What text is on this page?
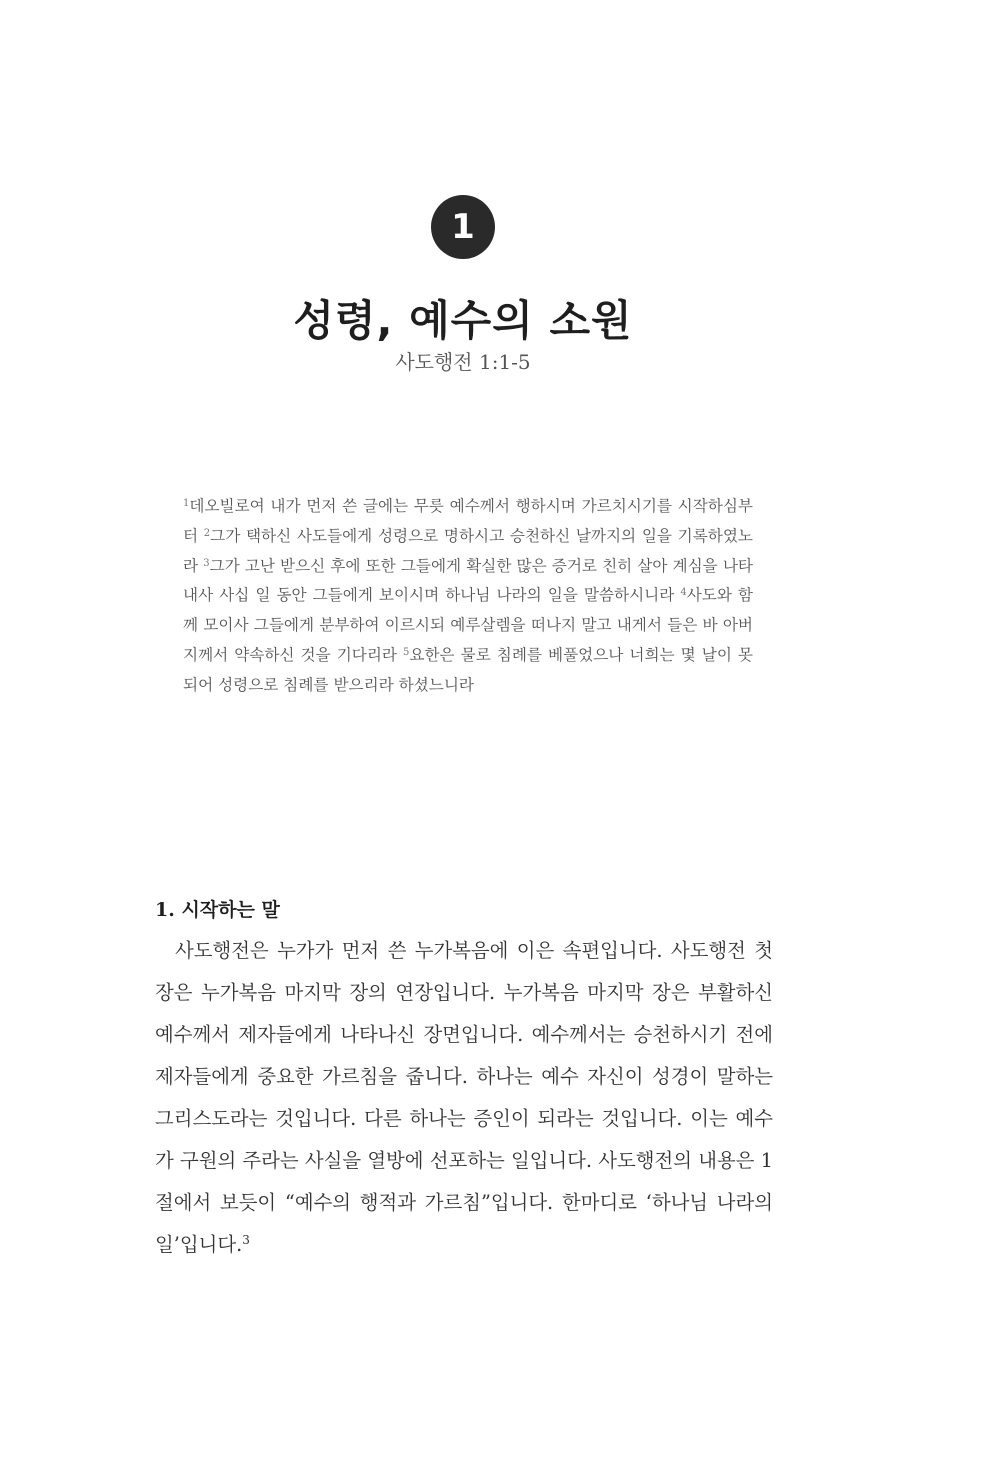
1
성령, 예수의 소원
사도행전 1:1-5

$^1$데오빌로여 내가 먼저 쓴 글에는 무릇 예수께서 행하시며 가르치시기를 시작하심부터 $^2$그가 택하신 사도들에게 성령으로 명하시고 승천하신 날까지의 일을 기록하였노라 $^3$그가 고난 받으신 후에 또한 그들에게 확실한 많은 증거로 친히 살아 계심을 나타내사 사십 일 동안 그들에게 보이시며 하나님 나라의 일을 말씀하시니라 $^4$사도와 함께 모이사 그들에게 분부하여 이르시되 예루살렘을 떠나지 말고 내게서 들은 바 아버지께서 약속하신 것을 기다리라 $^5$요한은 물로 침례를 베풀었으나 너희는 몇 날이 못되어 성령으로 침례를 받으리라 하셨느니라

1. 시작하는 말

사도행전은 누가가 먼저 쓴 누가복음에 이은 속편입니다. 사도행전 첫 장은 누가복음 마지막 장의 연장입니다. 누가복음 마지막 장은 부활하신 예수께서 제자들에게 나타나신 장면입니다. 예수께서는 승천하시기 전에 제자들에게 중요한 가르침을 줍니다. 하나는 예수 자신이 성경이 말하는 그리스도라는 것입니다. 다른 하나는 증인이 되라는 것입니다. 이는 예수가 구원의 주라는 사실을 열방에 선포하는 일입니다. 사도행전의 내용은 1절에서 보듯이 “예수의 행적과 가르침”입니다. 한마디로 ‘하나님 나라의 일’입니다.$^3$
